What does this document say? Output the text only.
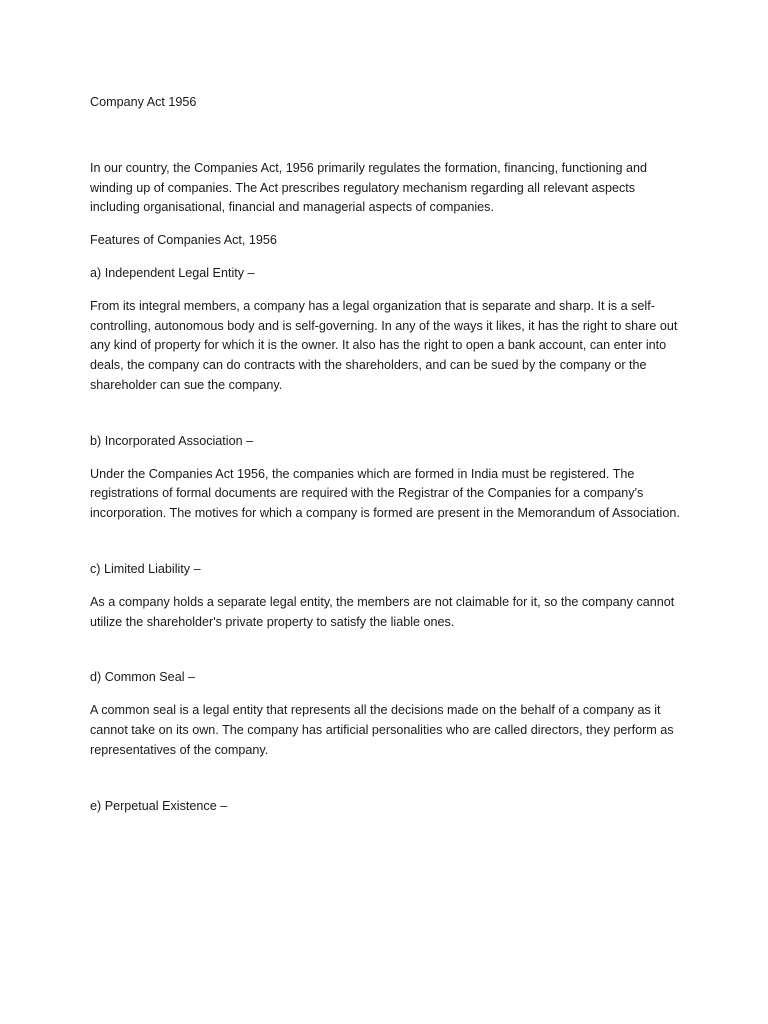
Company Act 1956

In our country, the Companies Act, 1956 primarily regulates the formation, financing, functioning and winding up of companies. The Act prescribes regulatory mechanism regarding all relevant aspects including organisational, financial and managerial aspects of companies.

Features of Companies Act, 1956

a) Independent Legal Entity –

From its integral members, a company has a legal organization that is separate and sharp. It is a self-controlling, autonomous body and is self-governing. In any of the ways it likes, it has the right to share out any kind of property for which it is the owner. It also has the right to open a bank account, can enter into deals, the company can do contracts with the shareholders, and can be sued by the company or the shareholder can sue the company.

b) Incorporated Association –

Under the Companies Act 1956, the companies which are formed in India must be registered. The registrations of formal documents are required with the Registrar of the Companies for a company's incorporation. The motives for which a company is formed are present in the Memorandum of Association.

c) Limited Liability –

As a company holds a separate legal entity, the members are not claimable for it, so the company cannot utilize the shareholder's private property to satisfy the liable ones.

d) Common Seal –

A common seal is a legal entity that represents all the decisions made on the behalf of a company as it cannot take on its own. The company has artificial personalities who are called directors, they perform as representatives of the company.

e) Perpetual Existence –
